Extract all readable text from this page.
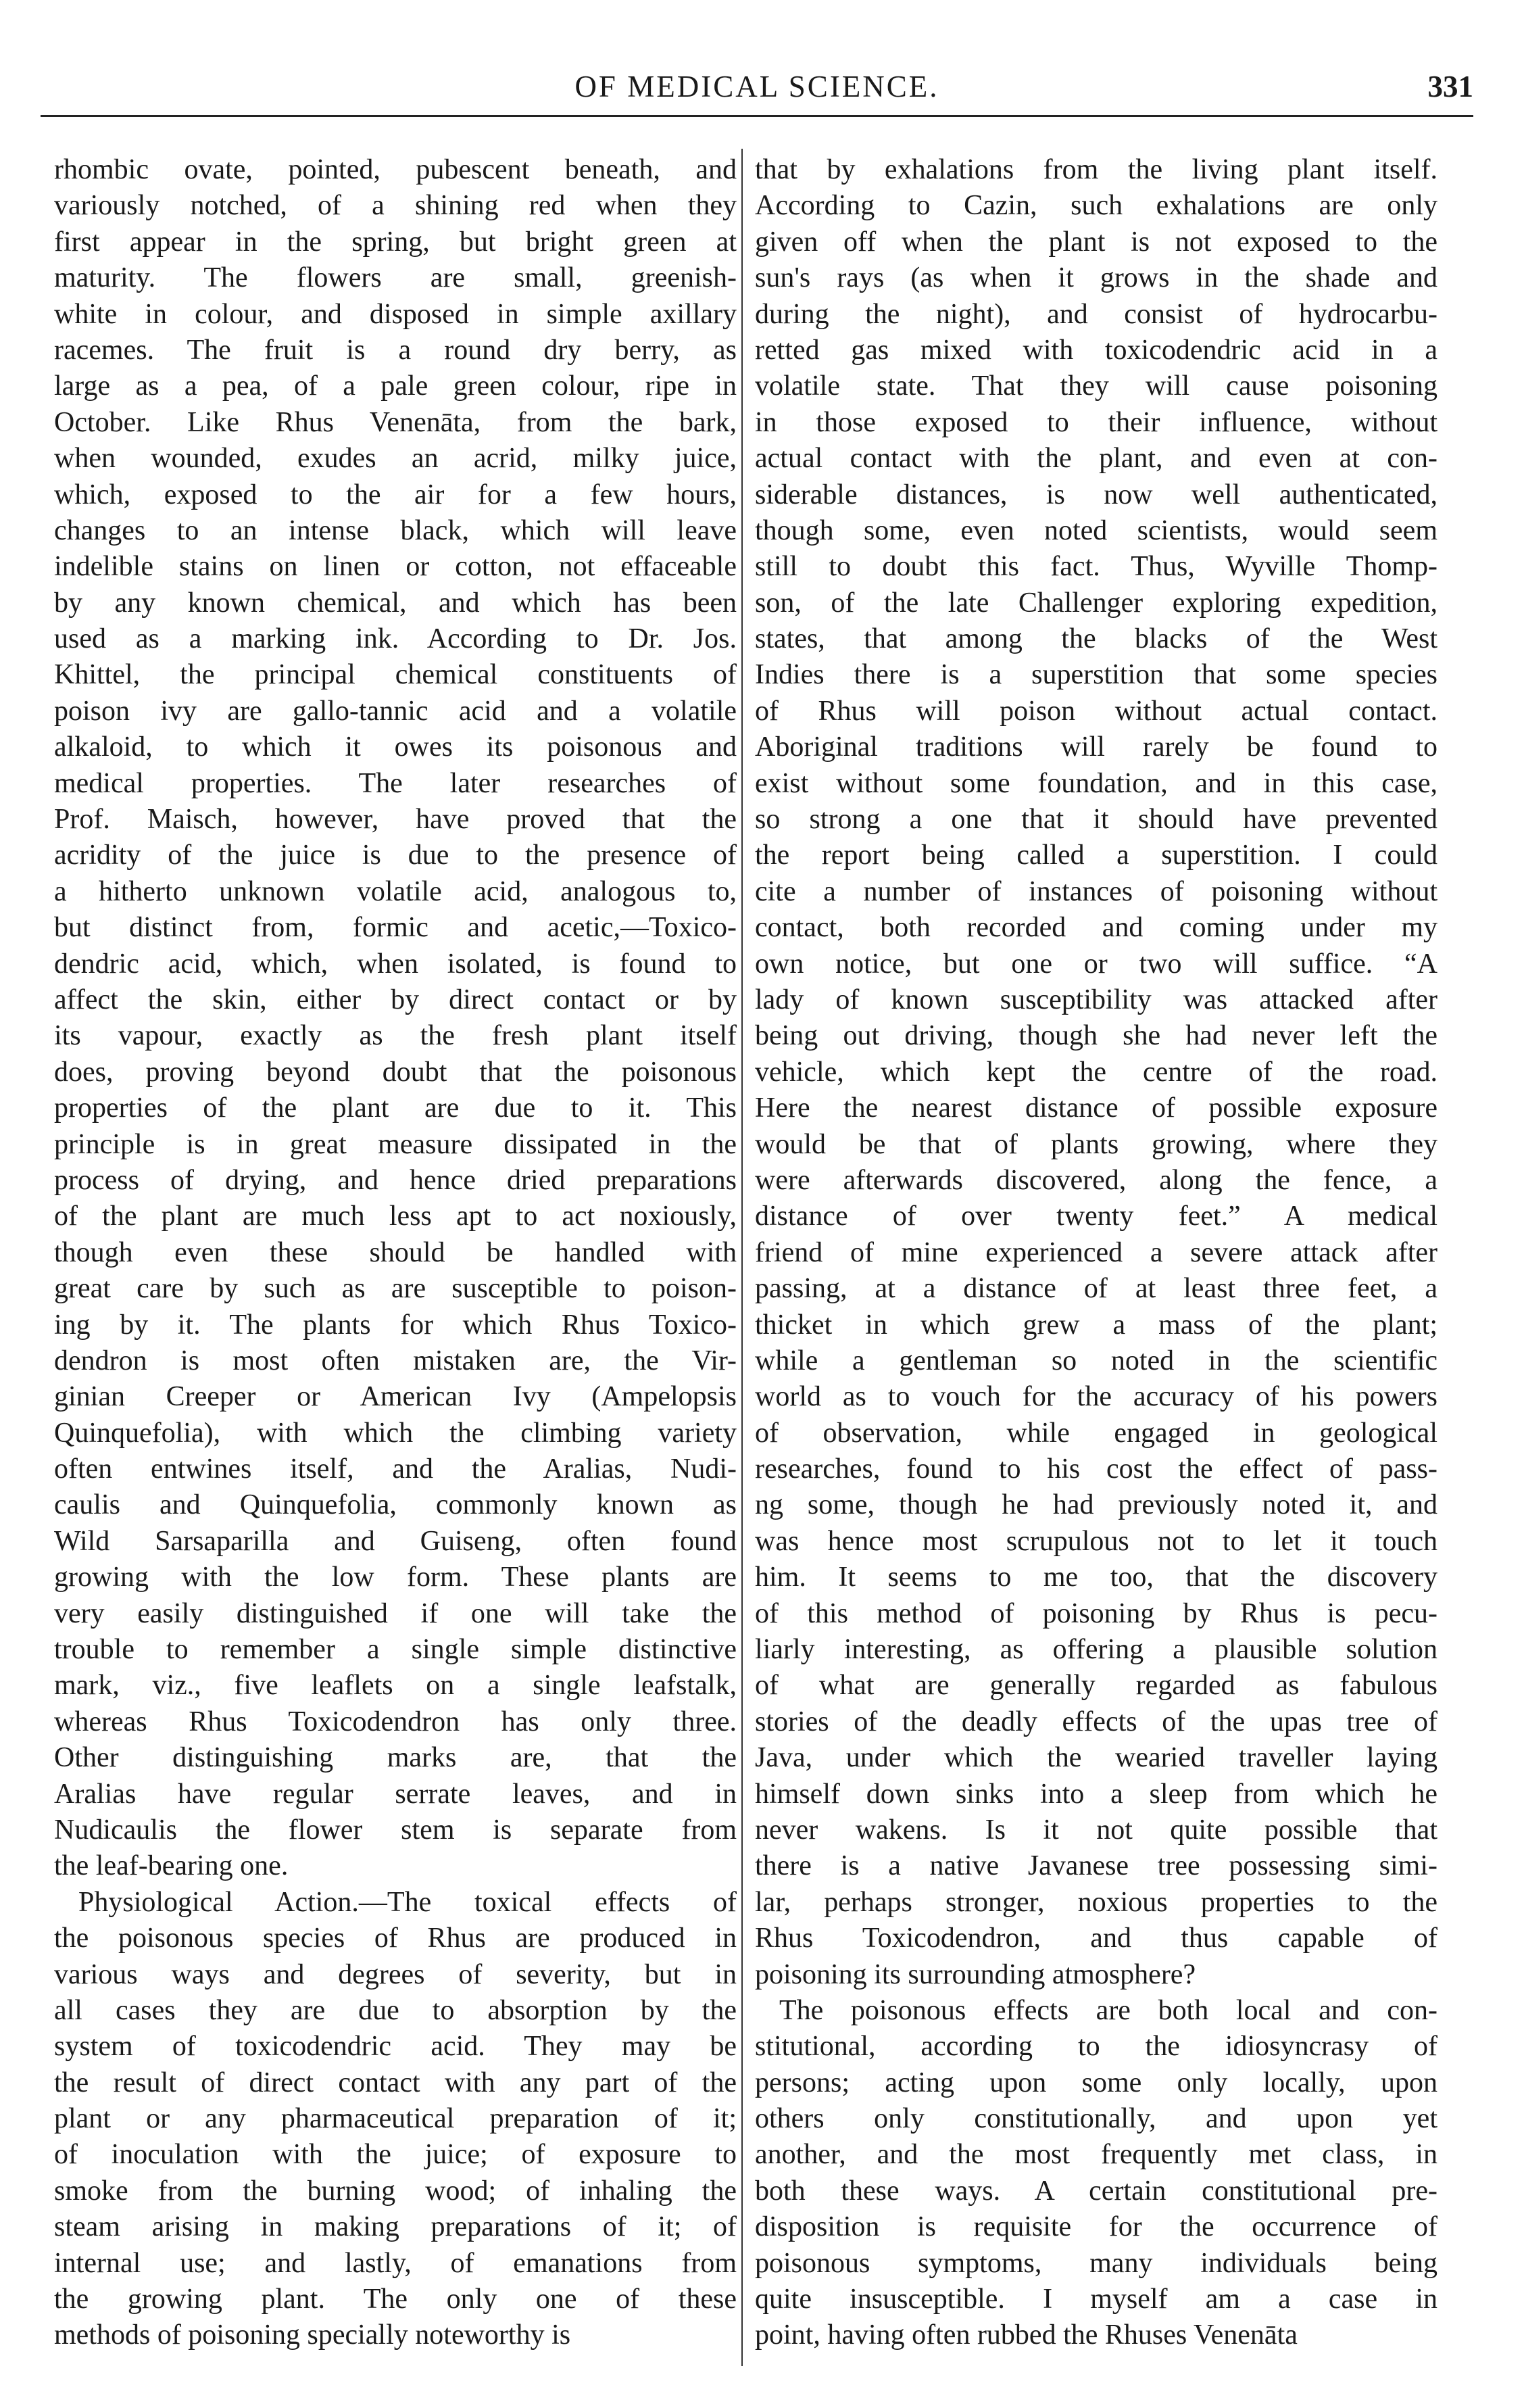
OF MEDICAL SCIENCE.	331
rhombic ovate, pointed, pubescent beneath, and
variously notched, of a shining red when they
first appear in the spring, but bright green at
maturity. The flowers are small, greenish-
white in colour, and disposed in simple axillary
racemes. The fruit is a round dry berry, as
large as a pea, of a pale green colour, ripe in
October. Like Rhus Venenāta, from the bark,
when wounded, exudes an acrid, milky juice,
which, exposed to the air for a few hours,
changes to an intense black, which will leave
indelible stains on linen or cotton, not effaceable
by any known chemical, and which has been
used as a marking ink. According to Dr. Jos.
Khittel, the principal chemical constituents of
poison ivy are gallo-tannic acid and a volatile
alkaloid, to which it owes its poisonous and
medical properties. The later researches of
Prof. Maisch, however, have proved that the
acridity of the juice is due to the presence of
a hitherto unknown volatile acid, analogous to,
but distinct from, formic and acetic,—Toxico-
dendric acid, which, when isolated, is found to
affect the skin, either by direct contact or by
its vapour, exactly as the fresh plant itself
does, proving beyond doubt that the poisonous
properties of the plant are due to it. This
principle is in great measure dissipated in the
process of drying, and hence dried preparations
of the plant are much less apt to act noxiously,
though even these should be handled with
great care by such as are susceptible to poison-
ing by it. The plants for which Rhus Toxico-
dendron is most often mistaken are, the Vir-
ginian Creeper or American Ivy (Ampelopsis
Quinquefolia), with which the climbing variety
often entwines itself, and the Aralias, Nudi-
caulis and Quinquefolia, commonly known as
Wild Sarsaparilla and Guiseng, often found
growing with the low form. These plants are
very easily distinguished if one will take the
trouble to remember a single simple distinctive
mark, viz., five leaflets on a single leafstalk,
whereas Rhus Toxicodendron has only three.
Other distinguishing marks are, that the
Aralias have regular serrate leaves, and in
Nudicaulis the flower stem is separate from
the leaf-bearing one.
Physiological Action.—The toxical effects of
the poisonous species of Rhus are produced in
various ways and degrees of severity, but in
all cases they are due to absorption by the
system of toxicodendric acid. They may be
the result of direct contact with any part of the
plant or any pharmaceutical preparation of it;
of inoculation with the juice; of exposure to
smoke from the burning wood; of inhaling the
steam arising in making preparations of it; of
internal use; and lastly, of emanations from
the growing plant. The only one of these
methods of poisoning specially noteworthy is
that by exhalations from the living plant itself.
According to Cazin, such exhalations are only
given off when the plant is not exposed to the
sun's rays (as when it grows in the shade and
during the night), and consist of hydrocarbu-
retted gas mixed with toxicodendric acid in a
volatile state. That they will cause poisoning
in those exposed to their influence, without
actual contact with the plant, and even at con-
siderable distances, is now well authenticated,
though some, even noted scientists, would seem
still to doubt this fact. Thus, Wyville Thomp-
son, of the late Challenger exploring expedition,
states, that among the blacks of the West
Indies there is a superstition that some species
of Rhus will poison without actual contact.
Aboriginal traditions will rarely be found to
exist without some foundation, and in this case,
so strong a one that it should have prevented
the report being called a superstition. I could
cite a number of instances of poisoning without
contact, both recorded and coming under my
own notice, but one or two will suffice. “A
lady of known susceptibility was attacked after
being out driving, though she had never left the
vehicle, which kept the centre of the road.
Here the nearest distance of possible exposure
would be that of plants growing, where they
were afterwards discovered, along the fence, a
distance of over twenty feet.” A medical
friend of mine experienced a severe attack after
passing, at a distance of at least three feet, a
thicket in which grew a mass of the plant;
while a gentleman so noted in the scientific
world as to vouch for the accuracy of his powers
of observation, while engaged in geological
researches, found to his cost the effect of pass-
ng some, though he had previously noted it, and
was hence most scrupulous not to let it touch
him. It seems to me too, that the discovery
of this method of poisoning by Rhus is pecu-
liarly interesting, as offering a plausible solution
of what are generally regarded as fabulous
stories of the deadly effects of the upas tree of
Java, under which the wearied traveller laying
himself down sinks into a sleep from which he
never wakens. Is it not quite possible that
there is a native Javanese tree possessing simi-
lar, perhaps stronger, noxious properties to the
Rhus Toxicodendron, and thus capable of
poisoning its surrounding atmosphere?
The poisonous effects are both local and con-
stitutional, according to the idiosyncrasy of
persons; acting upon some only locally, upon
others only constitutionally, and upon yet
another, and the most frequently met class, in
both these ways. A certain constitutional pre-
disposition is requisite for the occurrence of
poisonous symptoms, many individuals being
quite insusceptible. I myself am a case in
point, having often rubbed the Rhuses Venenāta
